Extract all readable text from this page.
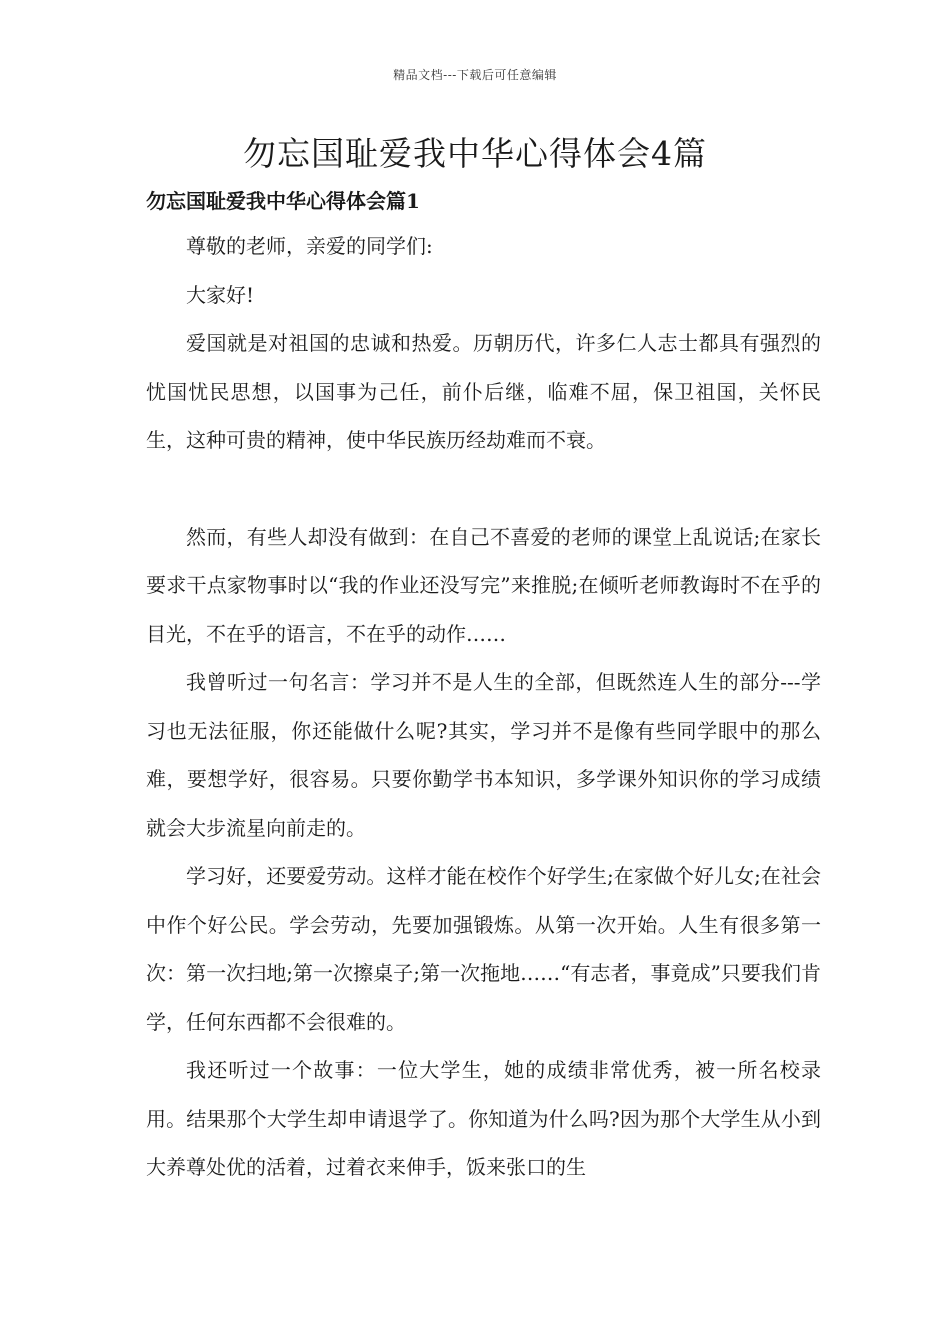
精品文档---下载后可任意编辑
勿忘国耻爱我中华心得体会4篇
勿忘国耻爱我中华心得体会篇1

尊敬的老师，亲爱的同学们:

大家好!

爱国就是对祖国的忠诚和热爱。历朝历代，许多仁人志士都具有强烈的忧国忧民思想，以国事为己任，前仆后继，临难不屈，保卫祖国，关怀民生，这种可贵的精神，使中华民族历经劫难而不衰。

然而，有些人却没有做到：在自己不喜爱的老师的课堂上乱说话;在家长要求干点家物事时以“我的作业还没写完”来推脱;在倾听老师教诲时不在乎的目光，不在乎的语言，不在乎的动作……

我曾听过一句名言：学习并不是人生的全部，但既然连人生的部分---学习也无法征服，你还能做什么呢?其实，学习并不是像有些同学眼中的那么难，要想学好，很容易。只要你勤学书本知识，多学课外知识你的学习成绩就会大步流星向前走的。

学习好，还要爱劳动。这样才能在校作个好学生;在家做个好儿女;在社会中作个好公民。学会劳动，先要加强锻炼。从第一次开始。人生有很多第一次：第一次扫地;第一次擦桌子;第一次拖地……“有志者，事竟成”只要我们肯学，任何东西都不会很难的。

我还听过一个故事：一位大学生，她的成绩非常优秀，被一所名校录用。结果那个大学生却申请退学了。你知道为什么吗?因为那个大学生从小到大养尊处优的活着，过着衣来伸手，饭来张口的生
